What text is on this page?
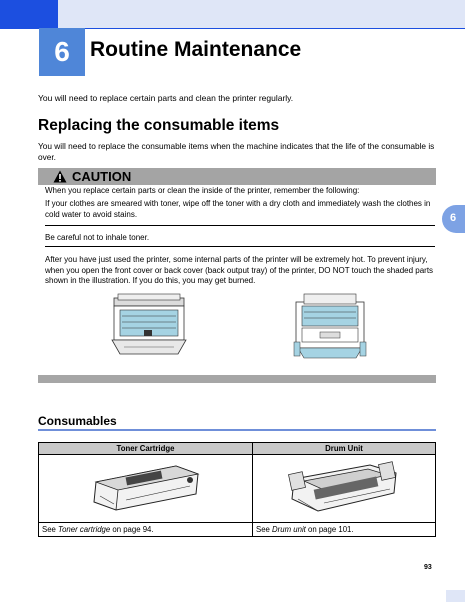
6 Routine Maintenance
You will need to replace certain parts and clean the printer regularly.
6
Replacing the consumable items
You will need to replace the consumable items when the machine indicates that the life of the consumable is over.
CAUTION
When you replace certain parts or clean the inside of the printer, remember the following:
If your clothes are smeared with toner, wipe off the toner with a dry cloth and immediately wash the clothes in cold water to avoid stains.
Be careful not to inhale toner.
After you have just used the printer, some internal parts of the printer will be extremely hot. To prevent injury, when you open the front cover or back cover (back output tray) of the printer, DO NOT touch the shaded parts shown in the illustration. If you do this, you may get burned.
Consumables
Toner Cartridge	Drum Unit

See Toner cartridge on page 94.	See Drum unit on page 101.
93
